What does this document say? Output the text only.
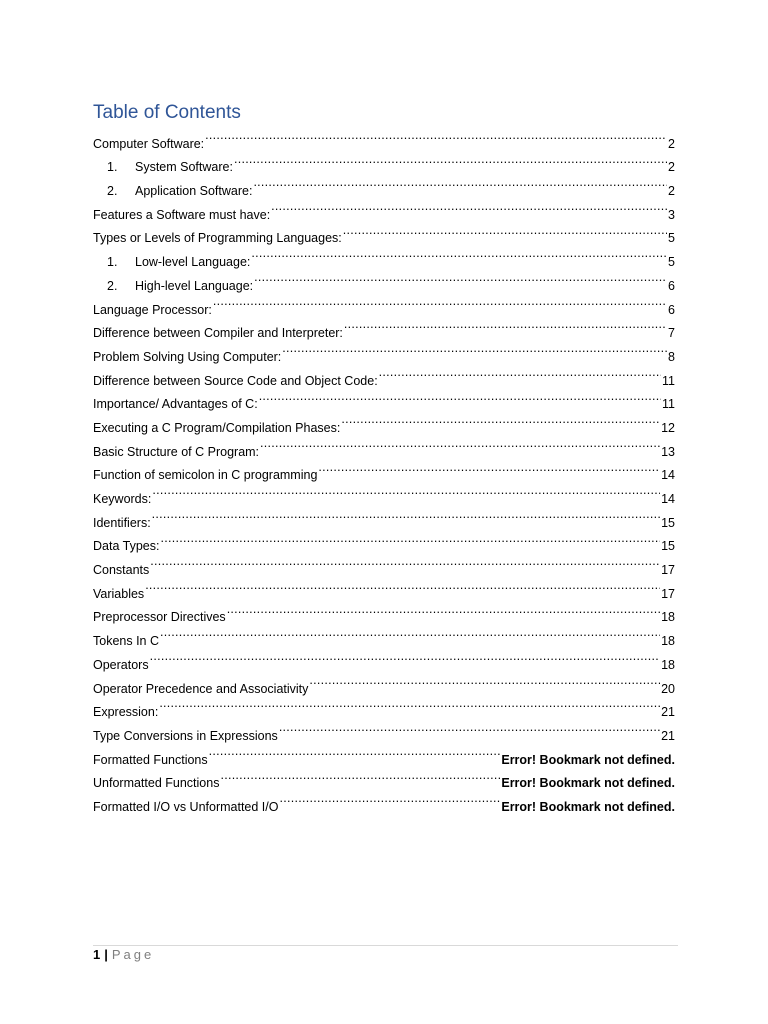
Table of Contents
Computer Software: . . .	2
1.	System Software: . . .	2
2.	Application Software: . . .	2
Features a Software must have: . . .	3
Types or Levels of Programming Languages: . . .	5
1.	Low-level Language: . . .	5
2.	High-level Language: . . .	6
Language Processor: . . .	6
Difference between Compiler and Interpreter: . . .	7
Problem Solving Using Computer: . . .	8
Difference between Source Code and Object Code: . . .	11
Importance/ Advantages of C: . . .	11
Executing a C Program/Compilation Phases: . . .	12
Basic Structure of C Program: . . .	13
Function of semicolon in C programming . . .	14
Keywords: . . .	14
Identifiers: . . .	15
Data Types: . . .	15
Constants . . .	17
Variables . . .	17
Preprocessor Directives . . .	18
Tokens In C . . .	18
Operators . . .	18
Operator Precedence and Associativity . . .	20
Expression: . . .	21
Type Conversions in Expressions . . .	21
Formatted Functions . . .	Error! Bookmark not defined.
Unformatted Functions . . .	Error! Bookmark not defined.
Formatted I/O vs Unformatted I/O . . .	Error! Bookmark not defined.
1 | Page
